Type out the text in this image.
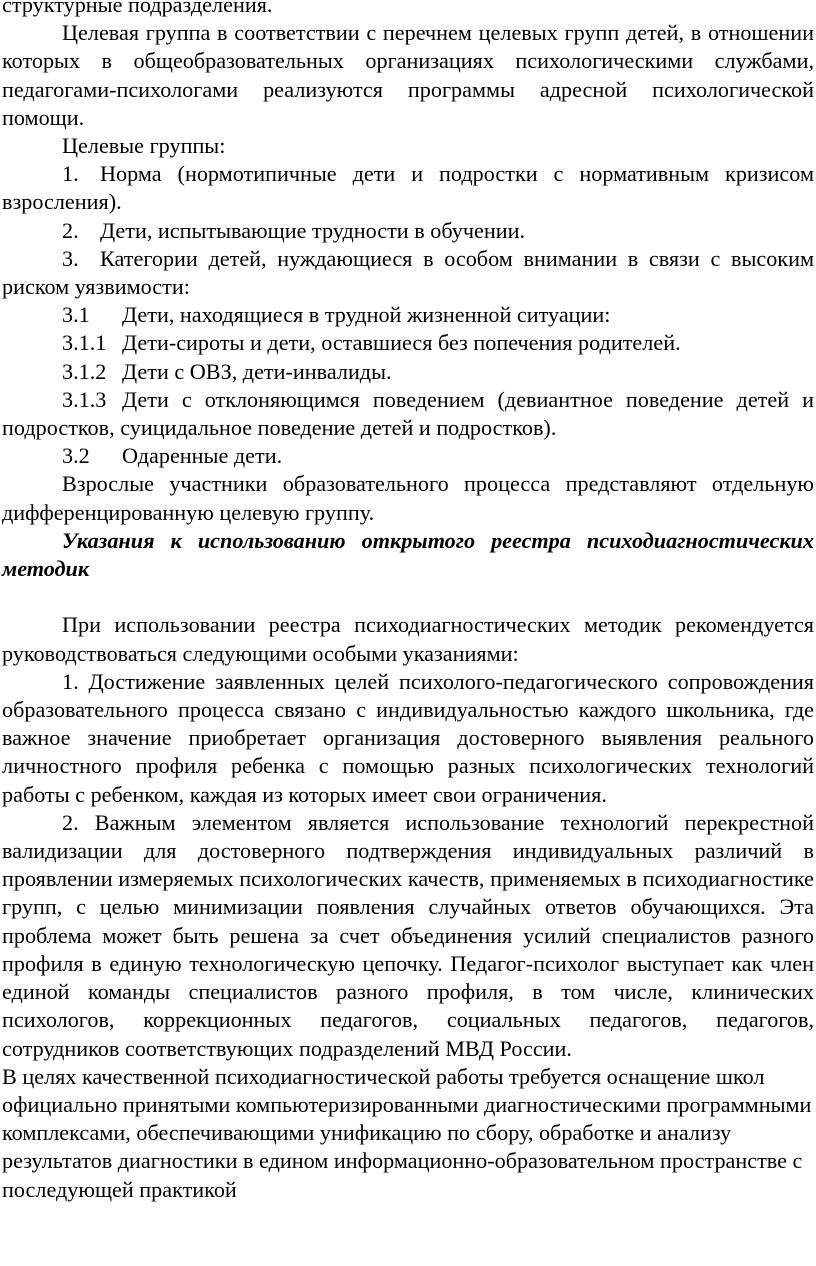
структурные подразделения.

Целевая группа в соответствии с перечнем целевых групп детей, в отношении которых в общеобразовательных организациях психологическими службами, педагогами-психологами реализуются программы адресной психологической помощи.

Целевые группы:

1. Норма (нормотипичные дети и подростки с нормативным кризисом взросления).

2. Дети, испытывающие трудности в обучении.

3. Категории детей, нуждающиеся в особом внимании в связи с высоким риском уязвимости:

3.1 Дети, находящиеся в трудной жизненной ситуации:

3.1.1 Дети-сироты и дети, оставшиеся без попечения родителей.

3.1.2 Дети с ОВЗ, дети-инвалиды.

3.1.3 Дети с отклоняющимся поведением (девиантное поведение детей и подростков, суицидальное поведение детей и подростков).

3.2 Одаренные дети.

Взрослые участники образовательного процесса представляют отдельную дифференцированную целевую группу.

Указания к использованию открытого реестра психодиагностических методик

При использовании реестра психодиагностических методик рекомендуется руководствоваться следующими особыми указаниями:

1. Достижение заявленных целей психолого-педагогического сопровождения образовательного процесса связано с индивидуальностью каждого школьника, где важное значение приобретает организация достоверного выявления реального личностного профиля ребенка с помощью разных психологических технологий работы с ребенком, каждая из которых имеет свои ограничения.

2. Важным элементом является использование технологий перекрестной валидизации для достоверного подтверждения индивидуальных различий в проявлении измеряемых психологических качеств, применяемых в психодиагностике групп, с целью минимизации появления случайных ответов обучающихся. Эта проблема может быть решена за счет объединения усилий специалистов разного профиля в единую технологическую цепочку. Педагог-психолог выступает как член единой команды специалистов разного профиля, в том числе, клинических психологов, коррекционных педагогов, социальных педагогов, педагогов, сотрудников соответствующих подразделений МВД России.

В целях качественной психодиагностической работы требуется оснащение школ официально принятыми компьютеризированными диагностическими программными комплексами, обеспечивающими унификацию по сбору, обработке и анализу результатов диагностики в едином информационно-образовательном пространстве с последующей практикой
